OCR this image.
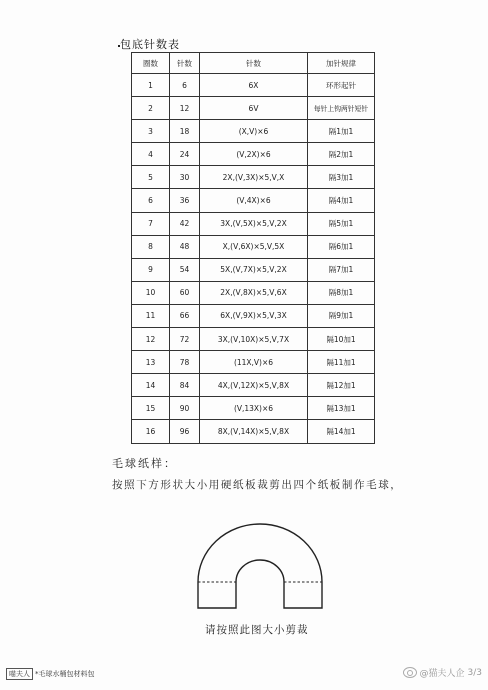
包底针数表
圈数	针数	针数	加针规律
1	6	6X	环形起针
2	12	6V	每针上钩两针短针
3	18	(X,V)×6	隔1加1
4	24	(V,2X)×6	隔2加1
5	30	2X,(V,3X)×5,V,X	隔3加1
6	36	(V,4X)×6	隔4加1
7	42	3X,(V,5X)×5,V,2X	隔5加1
8	48	X,(V,6X)×5,V,5X	隔6加1
9	54	5X,(V,7X)×5,V,2X	隔7加1
10	60	2X,(V,8X)×5,V,6X	隔8加1
11	66	6X,(V,9X)×5,V,3X	隔9加1
12	72	3X,(V,10X)×5,V,7X	隔10加1
13	78	(11X,V)×6	隔11加1
14	84	4X,(V,12X)×5,V,8X	隔12加1
15	90	(V,13X)×6	隔13加1
16	96	8X,(V,14X)×5,V,8X	隔14加1
毛球纸样：
按照下方形状大小用硬纸板裁剪出四个纸板制作毛球，
请按照此图大小剪裁
喵夫人 *毛球水桶包材料包	@猫夫人企 3/3
